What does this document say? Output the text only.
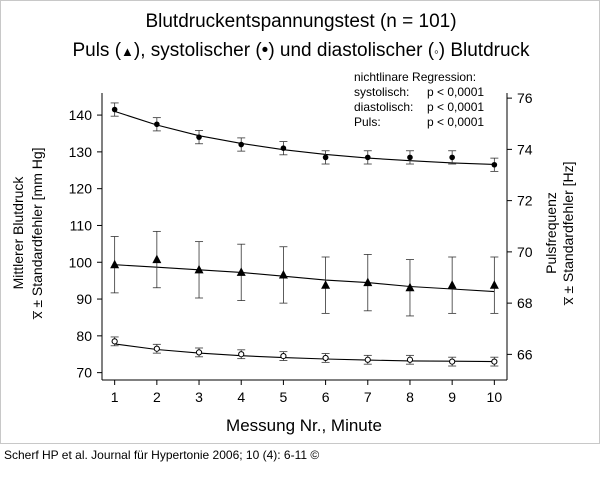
Blutdruckentspannungstest (n = 101)
Puls (▲), systolischer (•) und diastolischer (◦) Blutdruck
Mittlerer Blutdruck x̅ ± Standardfehler [mm Hg]	Pulsfrequenz x̅ ± Standardfehler [Hz]
Messung Nr., Minute
nichtlinare Regression:
systolisch: p < 0,0001
diastolisch: p < 0,0001
Puls:	p < 0,0001
1 2 3 4 5 6 7 8 9 10
70
80
90
100
110
120
130
140
66
68
70
72
74
76
Scherf HP et al. Journal für Hypertonie 2006; 10 (4): 6-11 ©
